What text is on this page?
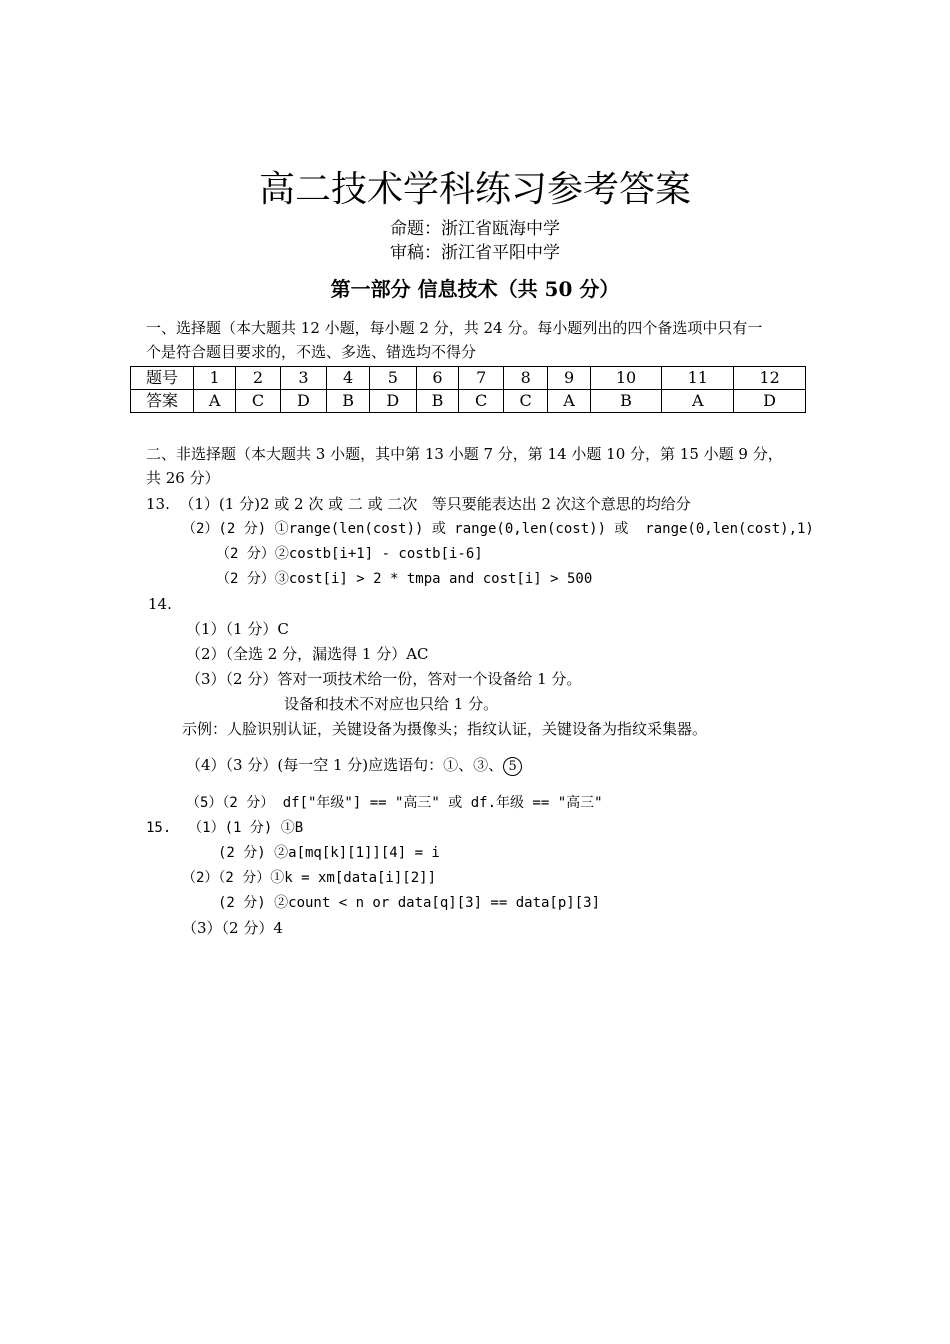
高二技术学科练习参考答案
命题：浙江省瓯海中学
审稿：浙江省平阳中学
第一部分 信息技术（共 50 分）
一、选择题（本大题共 12 小题，每小题 2 分，共 24 分。每小题列出的四个备选项中只有一
个是符合题目要求的，不选、多选、错选均不得分
题号	1	2	3	4	5	6	7	8	9	10	11	12
答案	A	C	D	B	D	B	C	C	A	B	A	D
二、非选择题（本大题共 3 小题，其中第 13 小题 7 分，第 14 小题 10 分，第 15 小题 9 分，
共 26 分）
13.  （1）(1 分)2 或 2 次 或 二 或 二次   等只要能表达出 2 次这个意思的均给分
（2）(2 分) ①range(len(cost)) 或 range(0,len(cost)) 或  range(0,len(cost),1)
（2 分）②costb[i+1] - costb[i-6]
（2 分）③cost[i] > 2 * tmpa and cost[i] > 500
14.
（1）（1 分）C
（2）（全选 2 分，漏选得 1 分）AC
（3）（2 分）答对一项技术给一份，答对一个设备给 1 分。
设备和技术不对应也只给 1 分。
示例：人脸识别认证，关键设备为摄像头；指纹认证，关键设备为指纹采集器。
（4）（3 分）(每一空 1 分)应选语句：①、③、 5
（5）（2 分） df["年级"] == "高三" 或 df.年级 == "高三"
15.  （1）(1 分) ①B
(2 分) ②a[mq[k][1]][4] = i
（2）（2 分）①k = xm[data[i][2]]
(2 分) ②count < n or data[q][3] == data[p][3]
（3）（2 分）4
